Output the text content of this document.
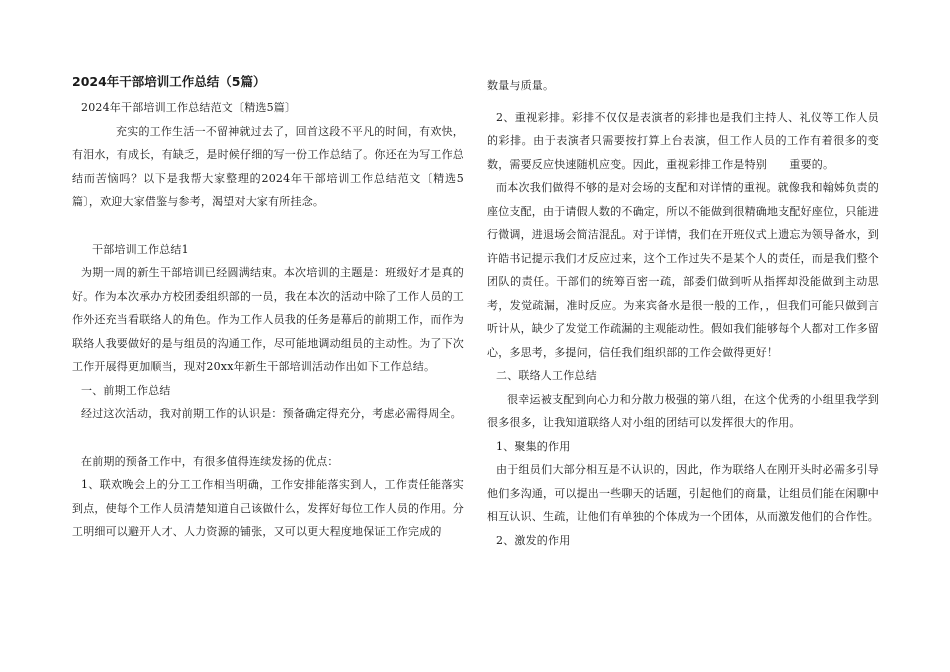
2024年干部培训工作总结（5篇）

2024年干部培训工作总结范文〔精选5篇〕

充实的工作生活一不留神就过去了，回首这段不平凡的时间，有欢快，有泪水，有成长，有缺乏，是时候仔细的写一份工作总结了。你还在为写工作总结而苦恼吗？以下是我帮大家整理的2024年干部培训工作总结范文〔精选5篇〕，欢迎大家借鉴与参考，渴望对大家有所挂念。

干部培训工作总结1

为期一周的新生干部培训已经圆满结束。本次培训的主题是：班级好才是真的好。作为本次承办方校团委组织部的一员，我在本次的活动中除了工作人员的工作外还充当看联络人的角色。作为工作人员我的任务是幕后的前期工作，而作为联络人我要做好的是与组员的沟通工作，尽可能地调动组员的主动性。为了下次工作开展得更加顺当，现对20xx年新生干部培训活动作出如下工作总结。

一、前期工作总结

经过这次活动，我对前期工作的认识是：预备确定得充分，考虑必需得周全。

在前期的预备工作中，有很多值得连续发扬的优点：

1、联欢晚会上的分工工作相当明确，工作安排能落实到人，工作责任能落实到点，使每个工作人员清楚知道自己该做什么，发挥好每位工作人员的作用。分工明细可以避开人才、人力资源的铺张，又可以更大程度地保证工作完成的

数量与质量。

2、重视彩排。彩排不仅仅是表演者的彩排也是我们主持人、礼仪等工作人员的彩排。由于表演者只需要按打算上台表演，但工作人员的工作有着很多的变数，需要反应快速随机应变。因此，重视彩排工作是特别　　重要的。

而本次我们做得不够的是对会场的支配和对详情的重视。就像我和翰姊负责的座位支配，由于请假人数的不确定，所以不能做到很精确地支配好座位，只能进行微调，进退场会简洁混乱。对于详情，我们在开班仪式上遗忘为领导备水，到许皓书记提示我们才反应过来，这个工作过失不是某个人的责任，而是我们整个团队的责任。干部们的统筹百密一疏，部委们做到听从指挥却没能做到主动思考，发觉疏漏，准时反应。为来宾备水是很一般的工作，，但我们可能只做到言听计从，缺少了发觉工作疏漏的主观能动性。假如我们能够每个人都对工作多留心，多思考，多提问，信任我们组织部的工作会做得更好！

二、联络人工作总结

很幸运被支配到向心力和分散力极强的第八组，在这个优秀的小组里我学到很多很多，让我知道联络人对小组的团结可以发挥很大的作用。

1、聚集的作用

由于组员们大部分相互是不认识的，因此，作为联络人在刚开头时必需多引导他们多沟通，可以提出一些聊天的话题，引起他们的商量，让组员们能在闲聊中相互认识、生疏，让他们有单独的个体成为一个团体，从而激发他们的合作性。

2、激发的作用
